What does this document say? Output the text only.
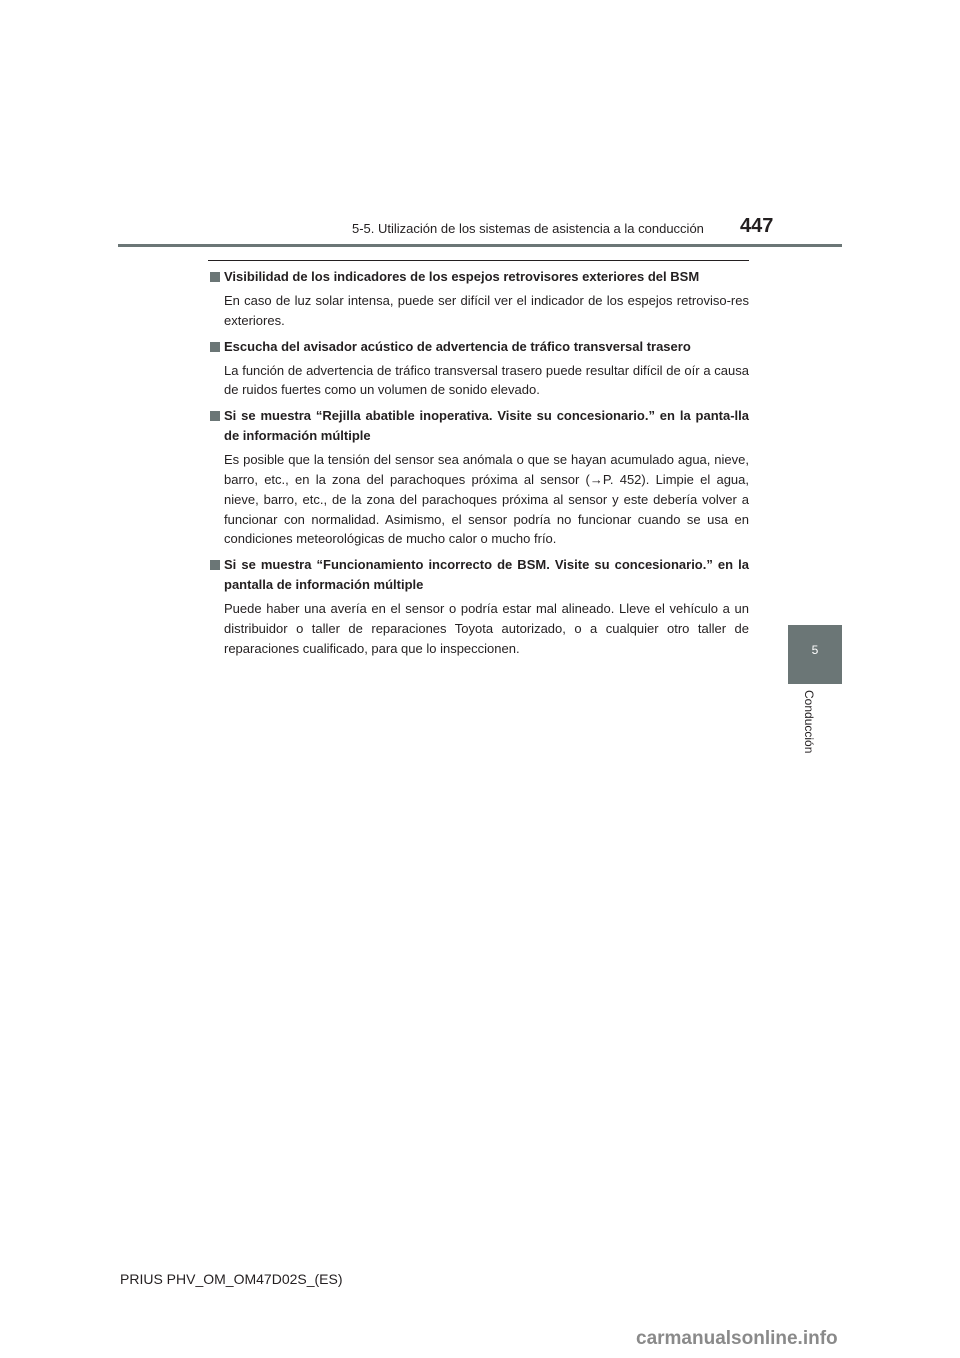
5-5. Utilización de los sistemas de asistencia a la conducción 447
5
Conducción
Visibilidad de los indicadores de los espejos retrovisores exteriores del BSM
En caso de luz solar intensa, puede ser difícil ver el indicador de los espejos retroviso-res exteriores.
Escucha del avisador acústico de advertencia de tráfico transversal trasero
La función de advertencia de tráfico transversal trasero puede resultar difícil de oír a causa de ruidos fuertes como un volumen de sonido elevado.
Si se muestra “Rejilla abatible inoperativa. Visite su concesionario.” en la panta-lla de información múltiple
Es posible que la tensión del sensor sea anómala o que se hayan acumulado agua, nieve, barro, etc., en la zona del parachoques próxima al sensor (→P. 452). Limpie el agua, nieve, barro, etc., de la zona del parachoques próxima al sensor y este debería volver a funcionar con normalidad. Asimismo, el sensor podría no funcionar cuando se usa en condiciones meteorológicas de mucho calor o mucho frío.
Si se muestra “Funcionamiento incorrecto de BSM. Visite su concesionario.” en la pantalla de información múltiple
Puede haber una avería en el sensor o podría estar mal alineado. Lleve el vehículo a un distribuidor o taller de reparaciones Toyota autorizado, o a cualquier otro taller de reparaciones cualificado, para que lo inspeccionen.
PRIUS PHV_OM_OM47D02S_(ES)
carmanualsonline.info
